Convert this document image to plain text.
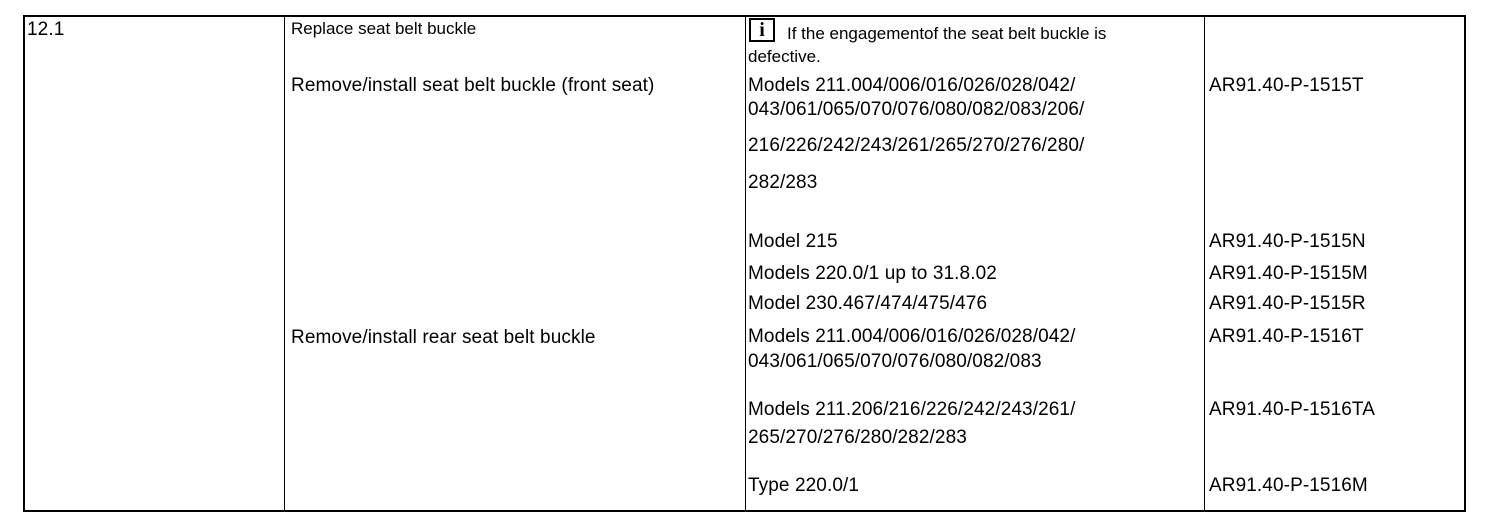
12.1	Replace seat belt buckle
Remove/install seat belt buckle (front seat)
Remove/install rear seat belt buckle
i	If the engagementof the seat belt buckle is
defective.
Models 211.004/006/016/026/028/042/
043/061/065/070/076/080/082/083/206/
216/226/242/243/261/265/270/276/280/
282/283
Model 215
Models 220.0/1 up to 31.8.02
Model 230.467/474/475/476
Models 211.004/006/016/026/028/042/
043/061/065/070/076/080/082/083
Models 211.206/216/226/242/243/261/
265/270/276/280/282/283
Type 220.0/1
AR91.40-P-1515T
AR91.40-P-1515N
AR91.40-P-1515M
AR91.40-P-1515R
AR91.40-P-1516T
AR91.40-P-1516TA
AR91.40-P-1516M
